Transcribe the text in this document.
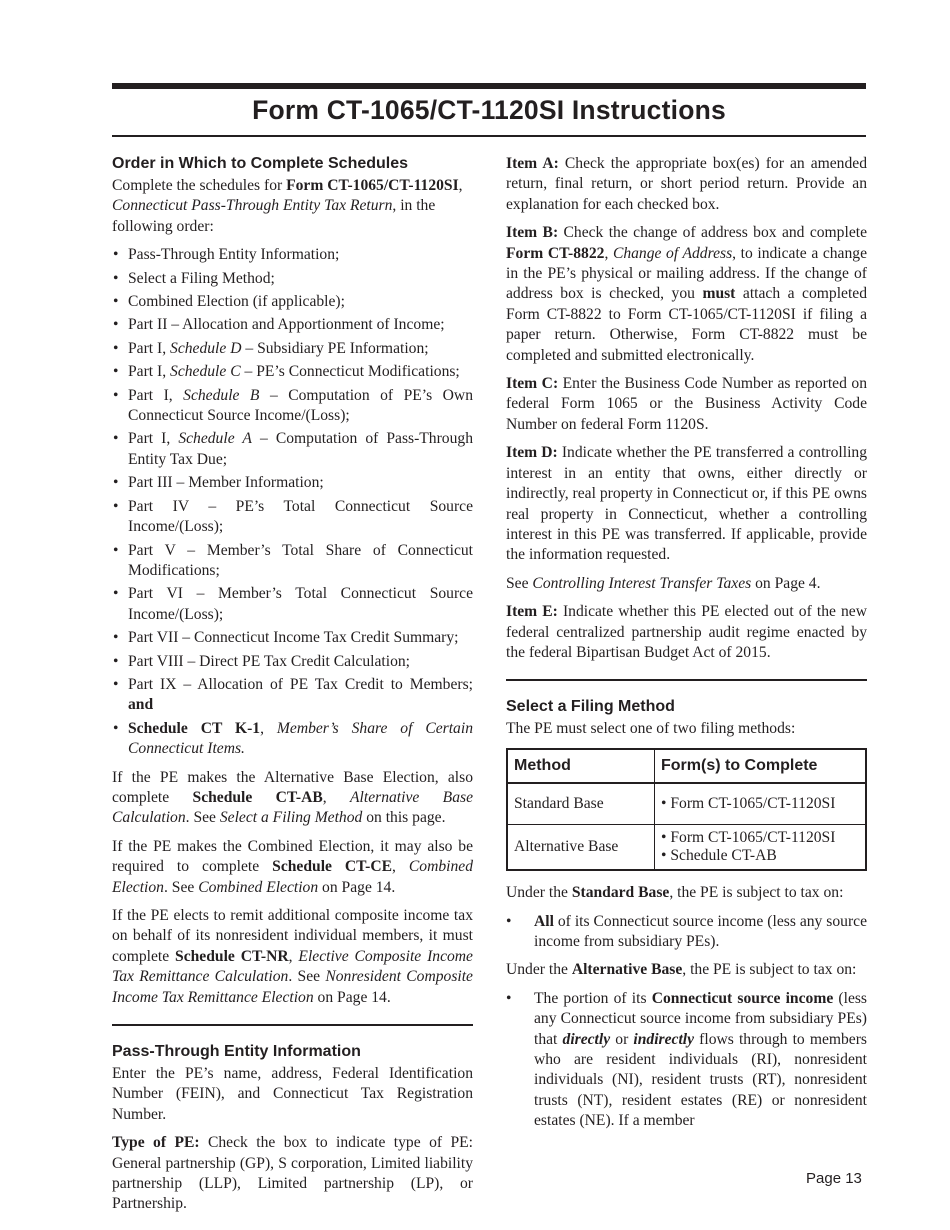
Form CT-1065/CT-1120SI Instructions
Order in Which to Complete Schedules

Complete the schedules for Form CT-1065/CT-1120SI, Connecticut Pass-Through Entity Tax Return, in the following order:

• Pass-Through Entity Information;
• Select a Filing Method;
• Combined Election (if applicable);
• Part II – Allocation and Apportionment of Income;
• Part I, Schedule D – Subsidiary PE Information;
• Part I, Schedule C – PE’s Connecticut Modifications;
• Part I, Schedule B – Computation of PE’s Own Connecticut Source Income/(Loss);
• Part I, Schedule A – Computation of Pass-Through Entity Tax Due;
• Part III – Member Information;
• Part IV – PE’s Total Connecticut Source Income/(Loss);
• Part V – Member’s Total Share of Connecticut Modifications;
• Part VI – Member’s Total Connecticut Source Income/(Loss);
• Part VII – Connecticut Income Tax Credit Summary;
• Part VIII – Direct PE Tax Credit Calculation;
• Part IX – Allocation of PE Tax Credit to Members; and
• Schedule CT K-1, Member’s Share of Certain Connecticut Items.

If the PE makes the Alternative Base Election, also complete Schedule CT-AB, Alternative Base Calculation. See Select a Filing Method on this page.

If the PE makes the Combined Election, it may also be required to complete Schedule CT-CE, Combined Election. See Combined Election on Page 14.

If the PE elects to remit additional composite income tax on behalf of its nonresident individual members, it must complete Schedule CT-NR, Elective Composite Income Tax Remittance Calculation. See Nonresident Composite Income Tax Remittance Election on Page 14.

Pass-Through Entity Information

Enter the PE’s name, address, Federal Identification Number (FEIN), and Connecticut Tax Registration Number.

Type of PE: Check the box to indicate type of PE: General partnership (GP), S corporation, Limited liability partnership (LLP), Limited partnership (LP), or Partnership.

Item A: Check the appropriate box(es) for an amended return, final return, or short period return. Provide an explanation for each checked box.

Item B: Check the change of address box and complete Form CT-8822, Change of Address, to indicate a change in the PE’s physical or mailing address. If the change of address box is checked, you must attach a completed Form CT-8822 to Form CT-1065/CT-1120SI if filing a paper return. Otherwise, Form CT-8822 must be completed and submitted electronically.

Item C: Enter the Business Code Number as reported on federal Form 1065 or the Business Activity Code Number on federal Form 1120S.

Item D: Indicate whether the PE transferred a controlling interest in an entity that owns, either directly or indirectly, real property in Connecticut or, if this PE owns real property in Connecticut, whether a controlling interest in this PE was transferred. If applicable, provide the information requested.

See Controlling Interest Transfer Taxes on Page 4.

Item E: Indicate whether this PE elected out of the new federal centralized partnership audit regime enacted by the federal Bipartisan Budget Act of 2015.

Select a Filing Method

The PE must select one of two filing methods:

Method	Form(s) to Complete
Standard Base	• Form CT-1065/CT-1120SI

Alternative Base	• Form CT-1065/CT-1120SI
• Schedule CT-AB

Under the Standard Base, the PE is subject to tax on:

• All of its Connecticut source income (less any source income from subsidiary PEs).

Under the Alternative Base, the PE is subject to tax on:

• The portion of its Connecticut source income (less any Connecticut source income from subsidiary PEs) that directly or indirectly flows through to members who are resident individuals (RI), nonresident individuals (NI), resident trusts (RT), nonresident trusts (NT), resident estates (RE) or nonresident estates (NE). If a member
Page 13
